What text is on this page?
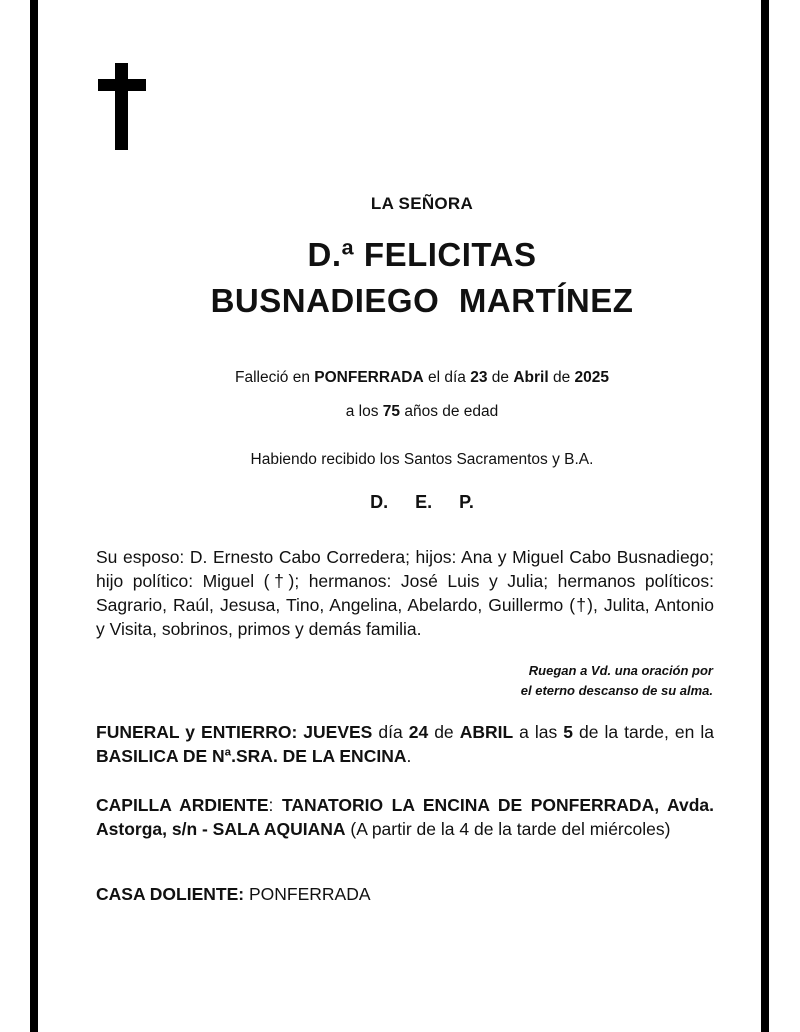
LA SEÑORA
D.ª FELICITAS
BUSNADIEGO MARTÍNEZ
Falleció en PONFERRADA el día 23 de Abril de 2025
a los 75 años de edad
Habiendo recibido los Santos Sacramentos y B.A.
D. E. P.
Su esposo: D. Ernesto Cabo Corredera; hijos: Ana y Miguel Cabo Busnadiego; hijo político: Miguel (†); hermanos: José Luis y Julia; hermanos políticos: Sagrario, Raúl, Jesusa, Tino, Angelina, Abelardo, Guillermo (†), Julita, Antonio y Visita, sobrinos, primos y demás familia.
Ruegan a Vd. una oración por
el eterno descanso de su alma.
FUNERAL y ENTIERRO: JUEVES día 24 de ABRIL a las 5 de la tarde, en la BASILICA DE Nª.SRA. DE LA ENCINA.
CAPILLA ARDIENTE: TANATORIO LA ENCINA DE PONFERRADA, Avda. Astorga, s/n - SALA AQUIANA (A partir de la 4 de la tarde del miércoles)
CASA DOLIENTE: PONFERRADA
